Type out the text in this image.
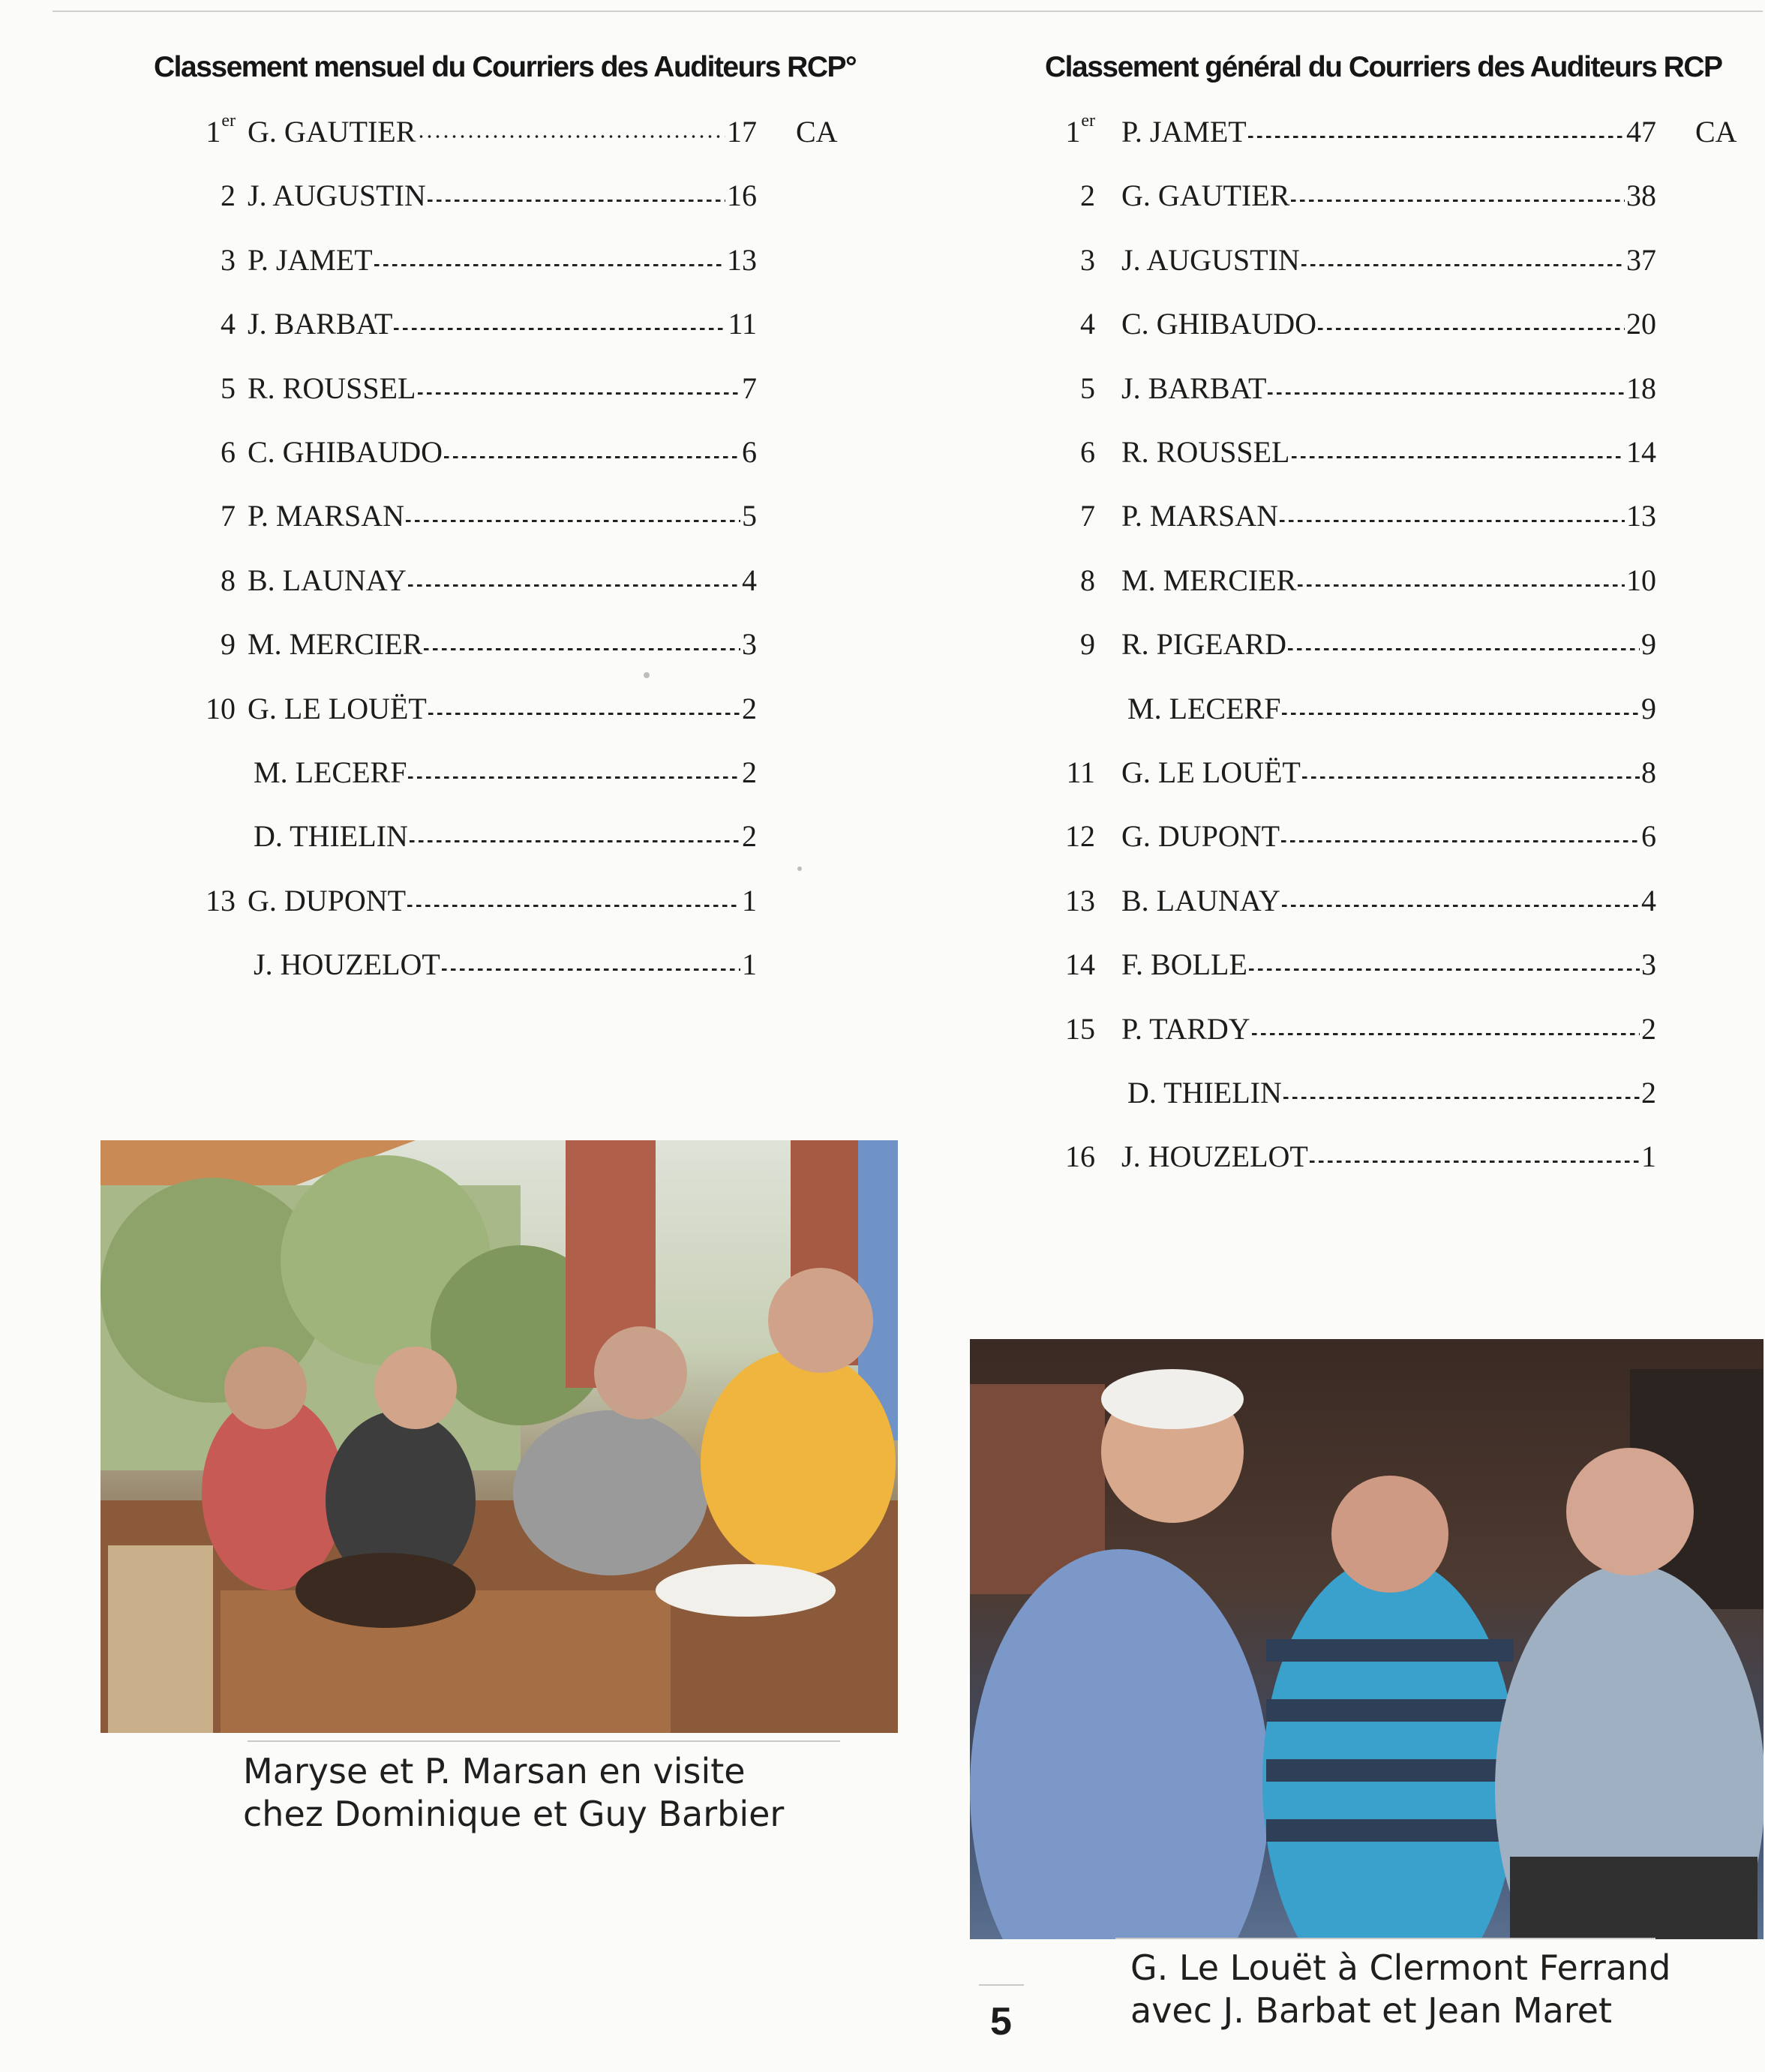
Classement mensuel du Courriers des Auditeurs RCP°	Classement général du Courriers des Auditeurs RCP
1er G. GAUTIER	17 CA
2 J. AUGUSTIN	16
3 P. JAMET	13
4 J. BARBAT	11
5 R. ROUSSEL	7
6 C. GHIBAUDO	6
7 P. MARSAN	5
8 B. LAUNAY	4
9 M. MERCIER	3
10 G. LE LOUËT	2
M. LECERF	2
D. THIELIN	2
13 G. DUPONT	1
J. HOUZELOT	1
1er P. JAMET	47 CA
2 G. GAUTIER	38
3 J. AUGUSTIN	37
4 C. GHIBAUDO	20
5 J. BARBAT	18
6 R. ROUSSEL	14
7 P. MARSAN	13
8 M. MERCIER	10
9 R. PIGEARD	9
M. LECERF	9
11 G. LE LOUËT	8
12 G. DUPONT	6
13 B. LAUNAY	4
14 F. BOLLE	3
15 P. TARDY	2
D. THIELIN	2
16 J. HOUZELOT	1

Maryse et P. Marsan en visite
chez Dominique et Guy Barbier

G. Le Louët à Clermont Ferrand
avec J. Barbat et Jean Maret

5
